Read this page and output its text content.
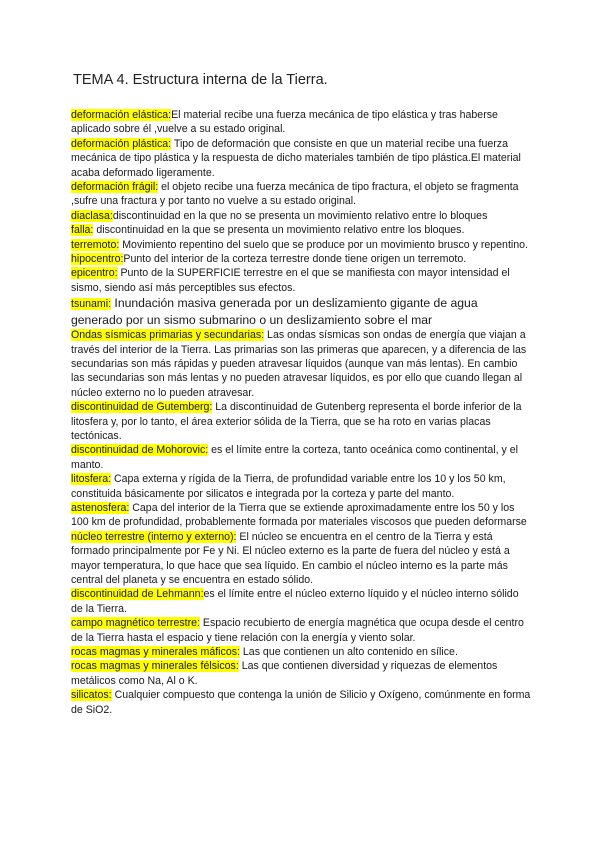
TEMA 4. Estructura interna de la Tierra.

deformación elástica:El material recibe una fuerza mecánica de tipo elástica y tras haberse aplicado sobre él ,vuelve a su estado original.

deformación plástica: Tipo de deformación que consiste en que un material recibe una fuerza mecánica de tipo plástica y la respuesta de dicho materiales también de tipo plástica.El material acaba deformado ligeramente.

deformación frágil: el objeto recibe una fuerza mecánica de tipo fractura, el objeto se fragmenta ,sufre una fractura y por tanto no vuelve a su estado original.

diaclasa:discontinuidad en la que no se presenta un movimiento relativo entre lo bloques

falla: discontinuidad en la que se presenta un movimiento relativo entre los bloques.

terremoto: Movimiento repentino del suelo que se produce por un movimiento brusco y repentino.

hipocentro:Punto del interior de la corteza terrestre donde tiene origen un terremoto.

epicentro: Punto de la SUPERFICIE terrestre en el que se manifiesta con mayor intensidad el sismo, siendo así más perceptibles sus efectos.

tsunami: Inundación masiva generada por un deslizamiento gigante de agua generado por un sismo submarino o un deslizamiento sobre el mar

Ondas sísmicas primarias y secundarias: Las ondas sísmicas son ondas de energía que viajan a través del interior de la Tierra. Las primarias son las primeras que aparecen, y a diferencia de las secundarias son más rápidas y pueden atravesar líquidos (aunque van más lentas). En cambio las secundarias son más lentas y no pueden atravesar líquidos, es por ello que cuando llegan al núcleo externo no lo pueden atravesar.

discontinuidad de Gutemberg: La discontinuidad de Gutenberg representa el borde inferior de la litosfera y, por lo tanto, el área exterior sólida de la Tierra, que se ha roto en varias placas tectónicas.

discontinuidad de Mohorovic: es el límite entre la corteza, tanto oceánica como continental, y el manto.

litosfera: Capa externa y rígida de la Tierra, de profundidad variable entre los 10 y los 50 km, constituida básicamente por silicatos e integrada por la corteza y parte del manto.

astenosfera: Capa del interior de la Tierra que se extiende aproximadamente entre los 50 y los 100 km de profundidad, probablemente formada por materiales viscosos que pueden deformarse

núcleo terrestre (interno y externo): El núcleo se encuentra en el centro de la Tierra y está formado principalmente por Fe y Ni. El núcleo externo es la parte de fuera del núcleo y está a mayor temperatura, lo que hace que sea líquido. En cambio el núcleo interno es la parte más central del planeta y se encuentra en estado sólido.

discontinuidad de Lehmann:es el límite entre el núcleo externo líquido y el núcleo interno sólido de la Tierra.

campo magnético terrestre: Espacio recubierto de energía magnética que ocupa desde el centro de la Tierra hasta el espacio y tiene relación con la energía y viento solar.

rocas magmas y minerales máficos: Las que contienen un alto contenido en sílice.

rocas magmas y minerales félsicos: Las que contienen diversidad y riquezas de elementos metálicos como Na, Al o K.

silicatos: Cualquier compuesto que contenga la unión de Silicio y Oxígeno, comúnmente en forma de SiO2.
